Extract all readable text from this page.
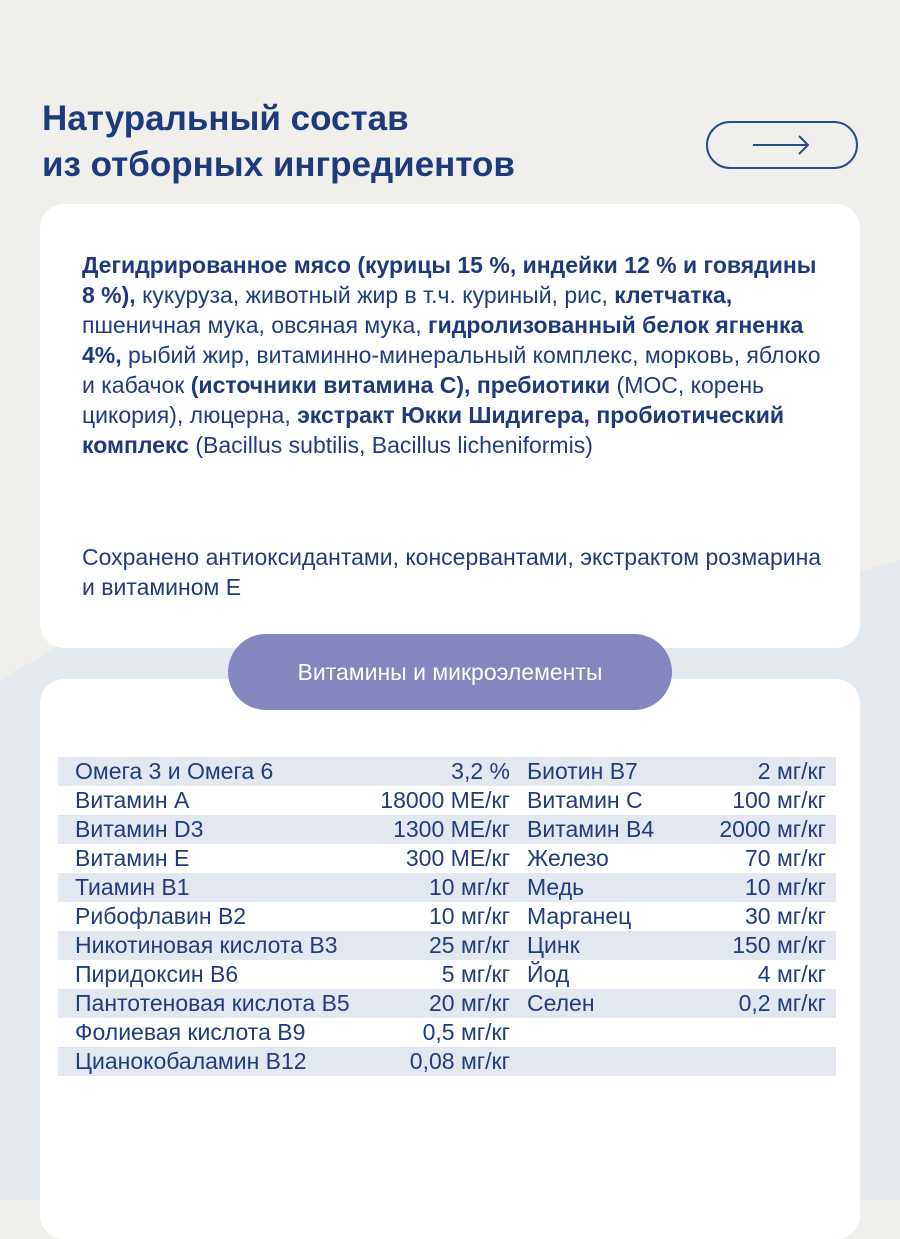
Натуральный состав
из отборных ингредиентов
Дегидрированное мясо (курицы 15 %, индейки 12 % и говядины 8 %), кукуруза, животный жир в т.ч. куриный, рис, клетчатка, пшеничная мука, овсяная мука, гидролизованный белок ягненка 4%, рыбий жир, витаминно-минеральный комплекс, морковь, яблоко и кабачок (источники витамина С), пребиотики (МОС, корень цикория), люцерна, экстракт Юкки Шидигера, пробиотический комплекс (Bacillus subtilis, Bacillus licheniformis)
Сохранено антиоксидантами, консервантами, экстрактом розмарина и витамином Е
Витамины и микроэлементы
Омега 3 и Омега 6	3,2 % Биотин B7	2 мг/кг
Витамин A	18000 МЕ/кг Витамин C	100 мг/кг
Витамин D3	1300 МЕ/кг Витамин B4	2000 мг/кг
Витамин E	300 МЕ/кг Железо	70 мг/кг
Тиамин B1	10 мг/кг Медь	10 мг/кг
Рибофлавин B2	10 мг/кг Марганец	30 мг/кг
Никотиновая кислота B3	25 мг/кг Цинк	150 мг/кг
Пиридоксин B6	5 мг/кг Йод	4 мг/кг
Пантотеновая кислота B5	20 мг/кг Селен	0,2 мг/кг
Фолиевая кислота B9	0,5 мг/кг
Цианокобаламин B12	0,08 мг/кг
